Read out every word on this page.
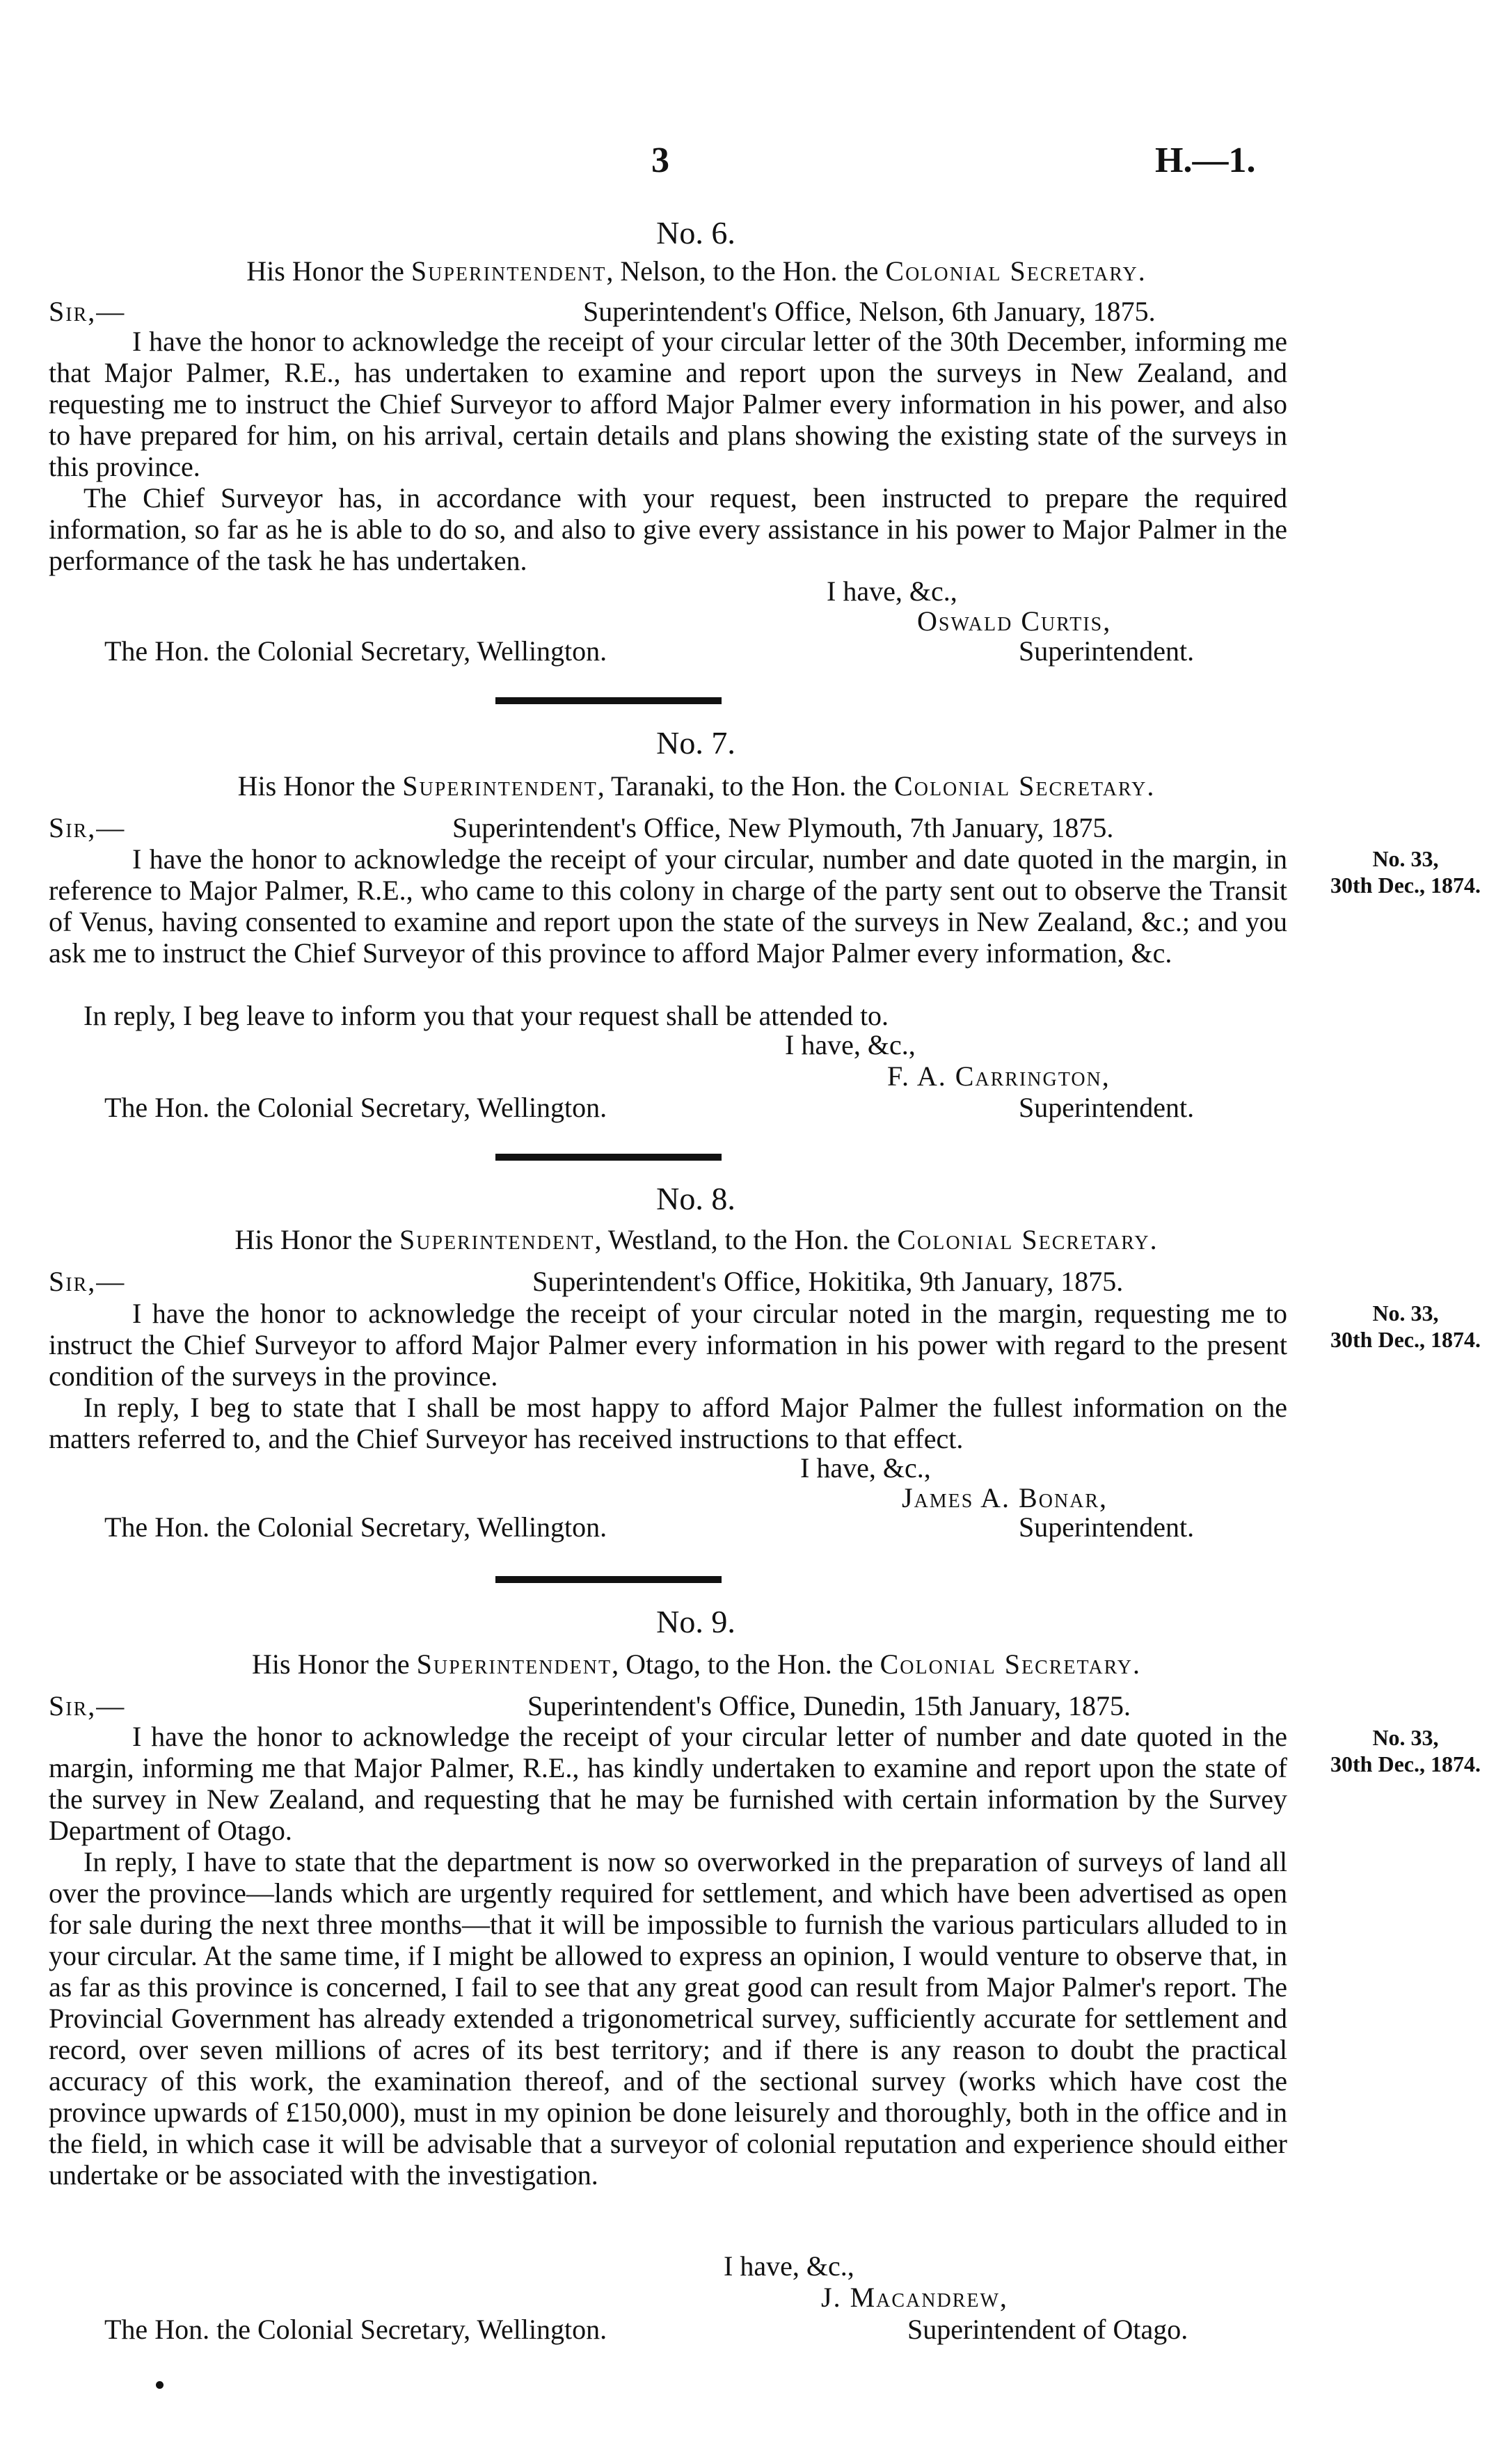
3	H.—1.
No. 6.
His Honor the Superintendent, Nelson, to the Hon. the Colonial Secretary.
Sir,—	Superintendent's Office, Nelson, 6th January, 1875.

I have the honor to acknowledge the receipt of your circular letter of the 30th December, informing me that Major Palmer, R.E., has undertaken to examine and report upon the surveys in New Zealand, and requesting me to instruct the Chief Surveyor to afford Major Palmer every information in his power, and also to have prepared for him, on his arrival, certain details and plans showing the existing state of the surveys in this province.

The Chief Surveyor has, in accordance with your request, been instructed to prepare the required information, so far as he is able to do so, and also to give every assistance in his power to Major Palmer in the performance of the task he has undertaken.

I have, &c.,
Oswald Curtis,
The Hon. the Colonial Secretary, Wellington.	Superintendent.
No. 7.
His Honor the Superintendent, Taranaki, to the Hon. the Colonial Secretary.
Sir,—	Superintendent's Office, New Plymouth, 7th January, 1875.

I have the honor to acknowledge the receipt of your circular, number and date quoted in the margin, in reference to Major Palmer, R.E., who came to this colony in charge of the party sent out to observe the Transit of Venus, having consented to examine and report upon the state of the surveys in New Zealand, &c.; and you ask me to instruct the Chief Surveyor of this province to afford Major Palmer every information, &c.

In reply, I beg leave to inform you that your request shall be attended to.

No. 33,
30th Dec., 1874.
I have, &c.,
F. A. Carrington,
The Hon. the Colonial Secretary, Wellington.	Superintendent.
No. 8.
His Honor the Superintendent, Westland, to the Hon. the Colonial Secretary.
Sir,—	Superintendent's Office, Hokitika, 9th January, 1875.

I have the honor to acknowledge the receipt of your circular noted in the margin, requesting me to instruct the Chief Surveyor to afford Major Palmer every information in his power with regard to the present condition of the surveys in the province.

In reply, I beg to state that I shall be most happy to afford Major Palmer the fullest information on the matters referred to, and the Chief Surveyor has received instructions to that effect.

No. 33,
30th Dec., 1874.
I have, &c.,
James A. Bonar,
The Hon. the Colonial Secretary, Wellington.	Superintendent.
No. 9.
His Honor the Superintendent, Otago, to the Hon. the Colonial Secretary.
Sir,—	Superintendent's Office, Dunedin, 15th January, 1875.

I have the honor to acknowledge the receipt of your circular letter of number and date quoted in the margin, informing me that Major Palmer, R.E., has kindly undertaken to examine and report upon the state of the survey in New Zealand, and requesting that he may be furnished with certain information by the Survey Department of Otago.

In reply, I have to state that the department is now so overworked in the preparation of surveys of land all over the province—lands which are urgently required for settlement, and which have been advertised as open for sale during the next three months—that it will be impossible to furnish the various particulars alluded to in your circular. At the same time, if I might be allowed to express an opinion, I would venture to observe that, in as far as this province is concerned, I fail to see that any great good can result from Major Palmer's report. The Provincial Government has already extended a trigonometrical survey, sufficiently accurate for settlement and record, over seven millions of acres of its best territory; and if there is any reason to doubt the practical accuracy of this work, the examination thereof, and of the sectional survey (works which have cost the province upwards of £150,000), must in my opinion be done leisurely and thoroughly, both in the office and in the field, in which case it will be advisable that a surveyor of colonial reputation and experience should either undertake or be associated with the investigation.

No. 33,
30th Dec., 1874.
I have, &c.,
J. Macandrew,
The Hon. the Colonial Secretary, Wellington.	Superintendent of Otago.
